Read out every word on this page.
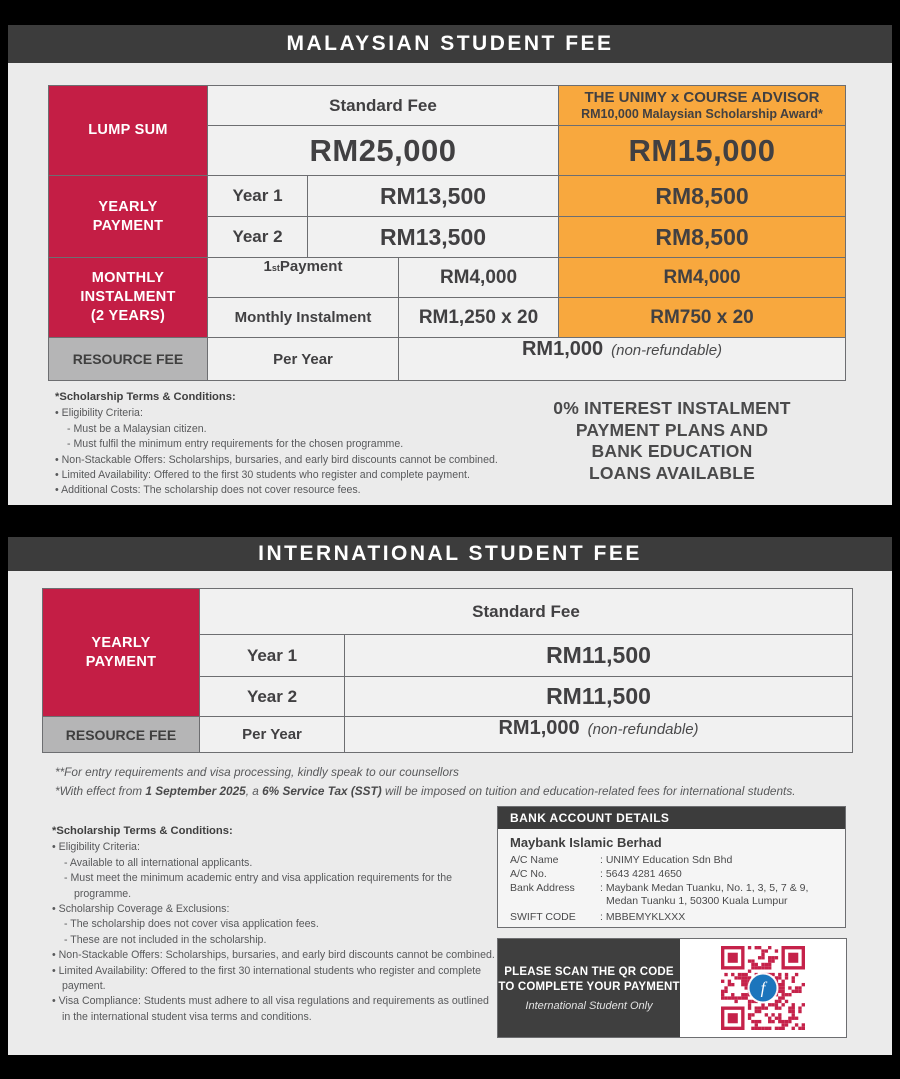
MALAYSIAN STUDENT FEE
LUMP SUM
Standard Fee	THE UNIMY x COURSE ADVISOR
RM10,000 Malaysian Scholarship Award*
RM25,000	RM15,000
YEARLY
PAYMENT
Year 1	RM13,500	RM8,500
Year 2	RM13,500	RM8,500
MONTHLY
INSTALMENT
(2 YEARS)
1 st Payment	RM4,000	RM4,000
Monthly Instalment RM1,250 x 20	RM750 x 20
RESOURCE FEE	Per Year	RM1,000 (non-refundable)
*Scholarship Terms & Conditions:
• Eligibility Criteria:
- Must be a Malaysian citizen.
- Must fulfil the minimum entry requirements for the chosen programme.
• Non-Stackable Offers: Scholarships, bursaries, and early bird discounts cannot be combined.
• Limited Availability: Offered to the first 30 students who register and complete payment.
• Additional Costs: The scholarship does not cover resource fees.
0% INTEREST INSTALMENT
PAYMENT PLANS AND
BANK EDUCATION
LOANS AVAILABLE
INTERNATIONAL STUDENT FEE
YEARLY
PAYMENT
Standard Fee
Year 1	RM11,500
Year 2	RM11,500
RESOURCE FEE	Per Year	RM1,000 (non-refundable)
**For entry requirements and visa processing, kindly speak to our counsellors
*With effect from 1 September 2025, a 6% Service Tax (SST) will be imposed on tuition and education-related fees for international students.
*Scholarship Terms & Conditions:
• Eligibility Criteria:
- Available to all international applicants.
- Must meet the minimum academic entry and visa application requirements for the programme.
• Scholarship Coverage & Exclusions:
- The scholarship does not cover visa application fees.
- These are not included in the scholarship.
• Non-Stackable Offers: Scholarships, bursaries, and early bird discounts cannot be combined.
• Limited Availability: Offered to the first 30 international students who register and complete payment.
• Visa Compliance: Students must adhere to all visa regulations and requirements as outlined in the international student visa terms and conditions.
BANK ACCOUNT DETAILS
Maybank Islamic Berhad
A/C Name	: UNIMY Education Sdn Bhd
A/C No.	: 5643 4281 4650
Bank Address	: Maybank Medan Tuanku, No. 1, 3, 5, 7 & 9,
Medan Tuanku 1, 50300 Kuala Lumpur
SWIFT CODE	: MBBEMYKLXXX
PLEASE SCAN THE QR CODE
TO COMPLETE YOUR PAYMENT
International Student Only
f
